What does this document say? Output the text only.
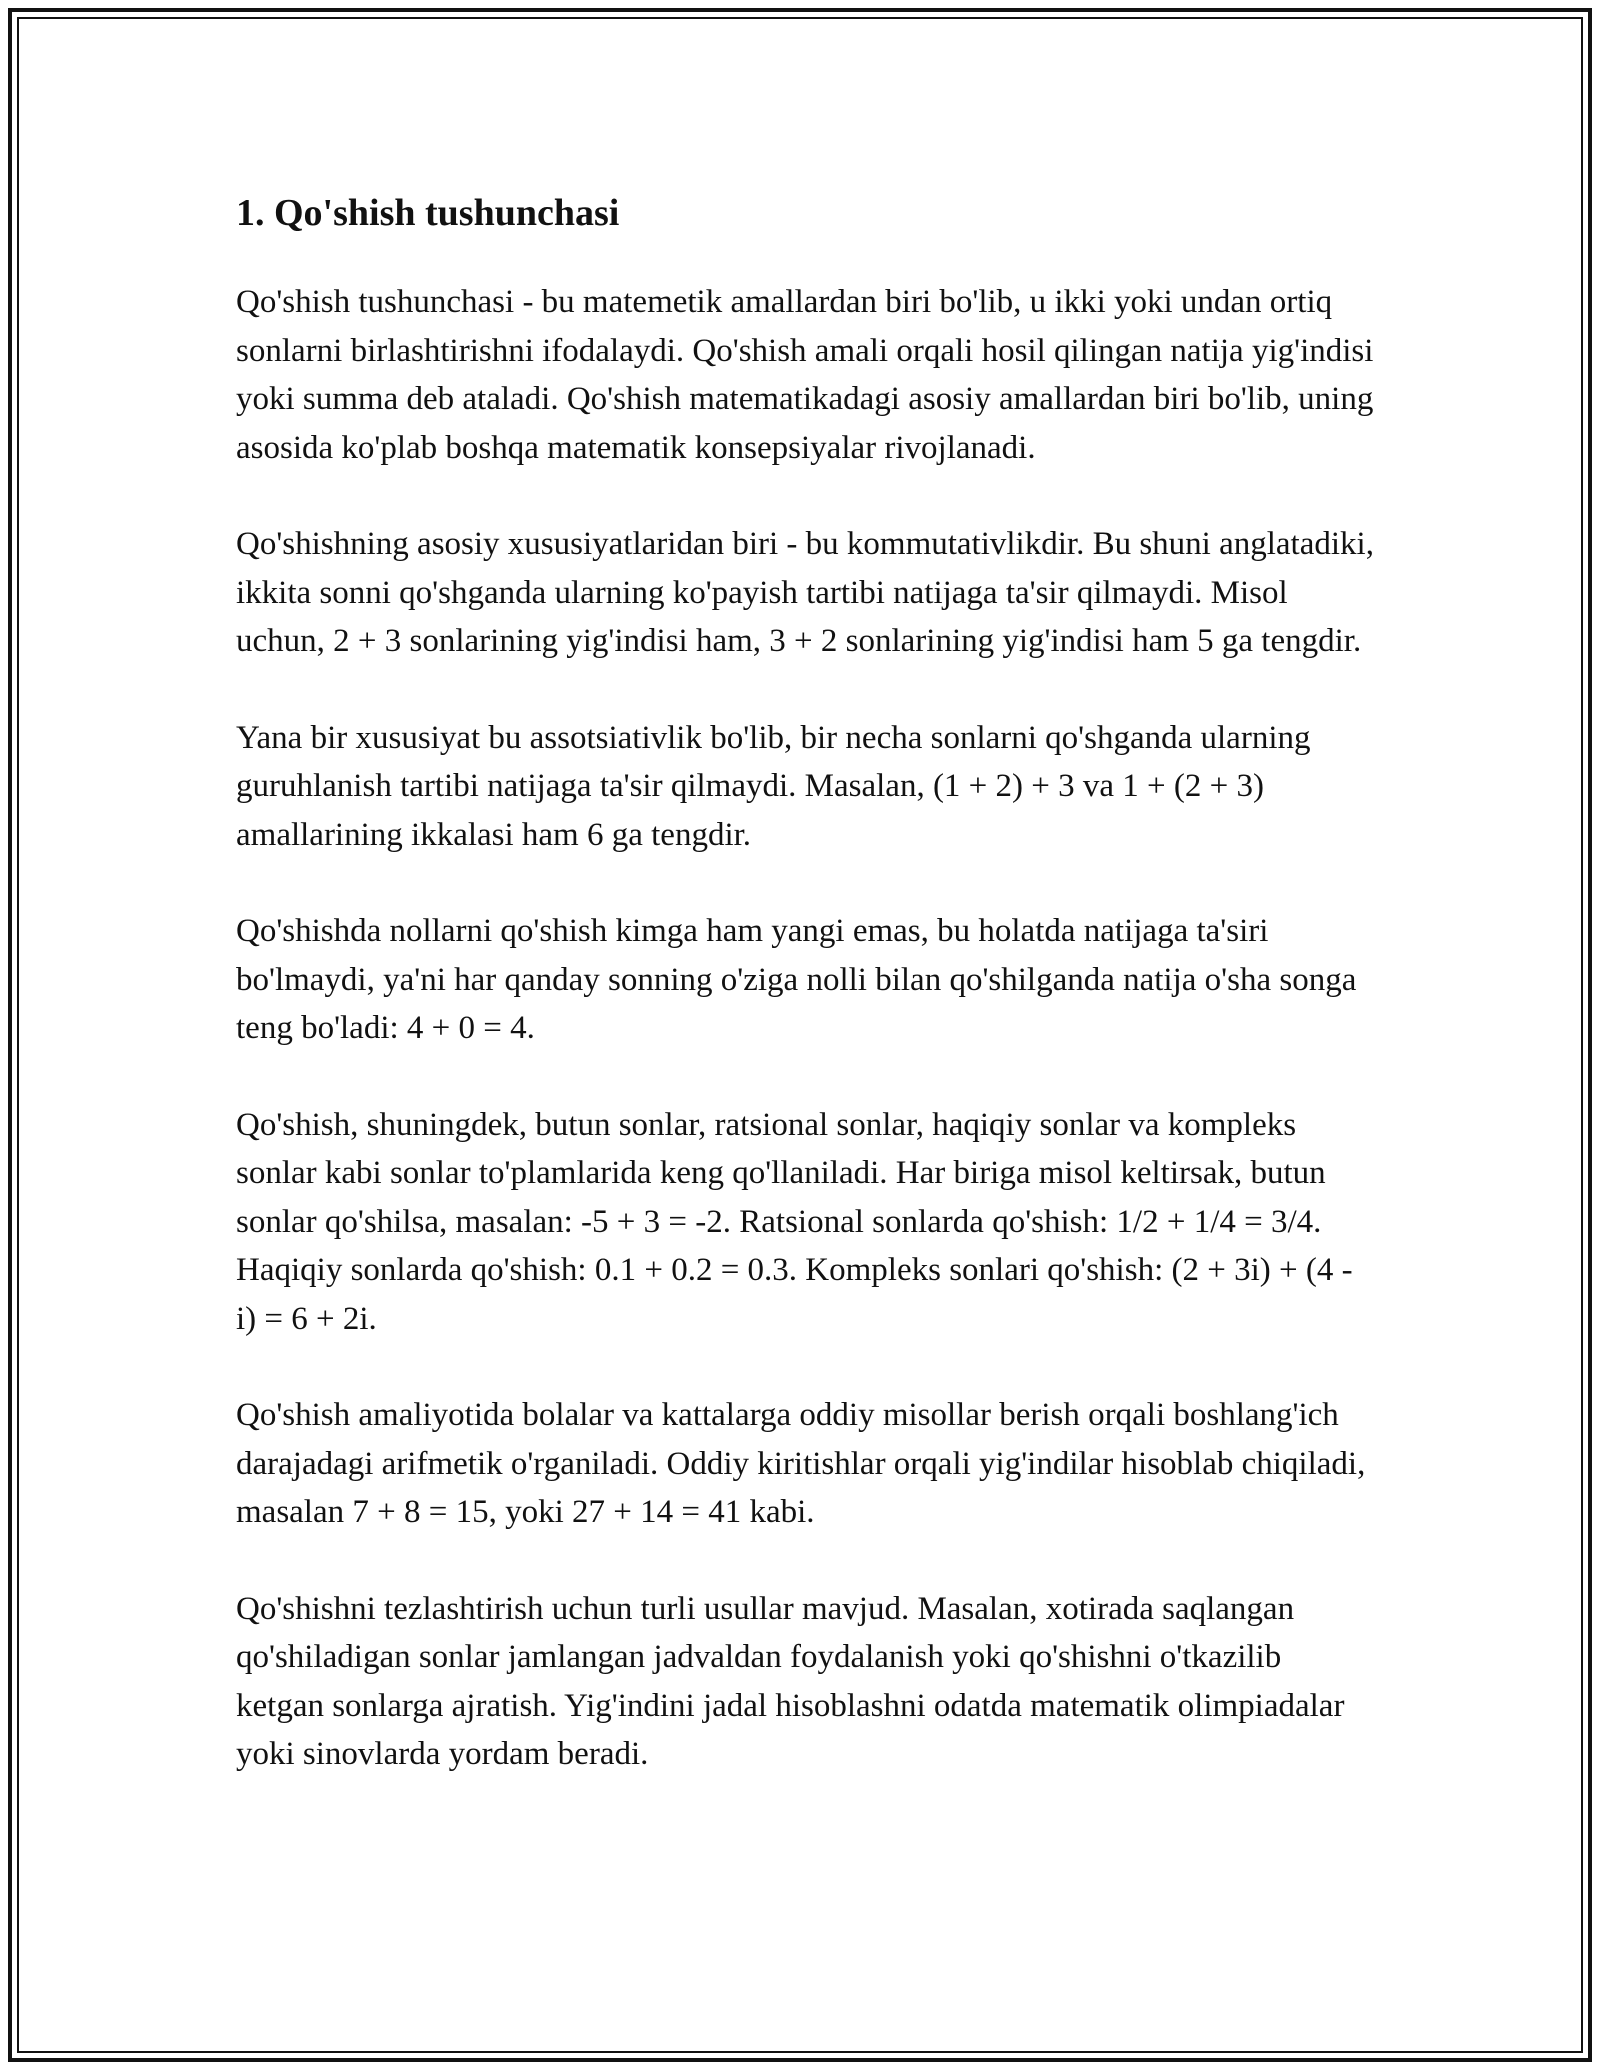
1. Qo'shish tushunchasi

Qo'shish tushunchasi - bu matemetik amallardan biri bo'lib, u ikki yoki undan ortiq sonlarni birlashtirishni ifodalaydi. Qo'shish amali orqali hosil qilingan natija yig'indisi yoki summa deb ataladi. Qo'shish matematikadagi asosiy amallardan biri bo'lib, uning asosida ko'plab boshqa matematik konsepsiyalar rivojlanadi.

Qo'shishning asosiy xususiyatlaridan biri - bu kommutativlikdir. Bu shuni anglatadiki, ikkita sonni qo'shganda ularning ko'payish tartibi natijaga ta'sir qilmaydi. Misol uchun, 2 + 3 sonlarining yig'indisi ham, 3 + 2 sonlarining yig'indisi ham 5 ga tengdir.

Yana bir xususiyat bu assotsiativlik bo'lib, bir necha sonlarni qo'shganda ularning guruhlanish tartibi natijaga ta'sir qilmaydi. Masalan, (1 + 2) + 3 va 1 + (2 + 3) amallarining ikkalasi ham 6 ga tengdir.

Qo'shishda nollarni qo'shish kimga ham yangi emas, bu holatda natijaga ta'siri bo'lmaydi, ya'ni har qanday sonning o'ziga nolli bilan qo'shilganda natija o'sha songa teng bo'ladi: 4 + 0 = 4.

Qo'shish, shuningdek, butun sonlar, ratsional sonlar, haqiqiy sonlar va kompleks sonlar kabi sonlar to'plamlarida keng qo'llaniladi. Har biriga misol keltirsak, butun sonlar qo'shilsa, masalan: -5 + 3 = -2. Ratsional sonlarda qo'shish: 1/2 + 1/4 = 3/4. Haqiqiy sonlarda qo'shish: 0.1 + 0.2 = 0.3. Kompleks sonlari qo'shish: (2 + 3i) + (4 - i) = 6 + 2i.

Qo'shish amaliyotida bolalar va kattalarga oddiy misollar berish orqali boshlang'ich darajadagi arifmetik o'rganiladi. Oddiy kiritishlar orqali yig'indilar hisoblab chiqiladi, masalan 7 + 8 = 15, yoki 27 + 14 = 41 kabi.

Qo'shishni tezlashtirish uchun turli usullar mavjud. Masalan, xotirada saqlangan qo'shiladigan sonlar jamlangan jadvaldan foydalanish yoki qo'shishni o'tkazilib ketgan sonlarga ajratish. Yig'indini jadal hisoblashni odatda matematik olimpiadalar yoki sinovlarda yordam beradi.
